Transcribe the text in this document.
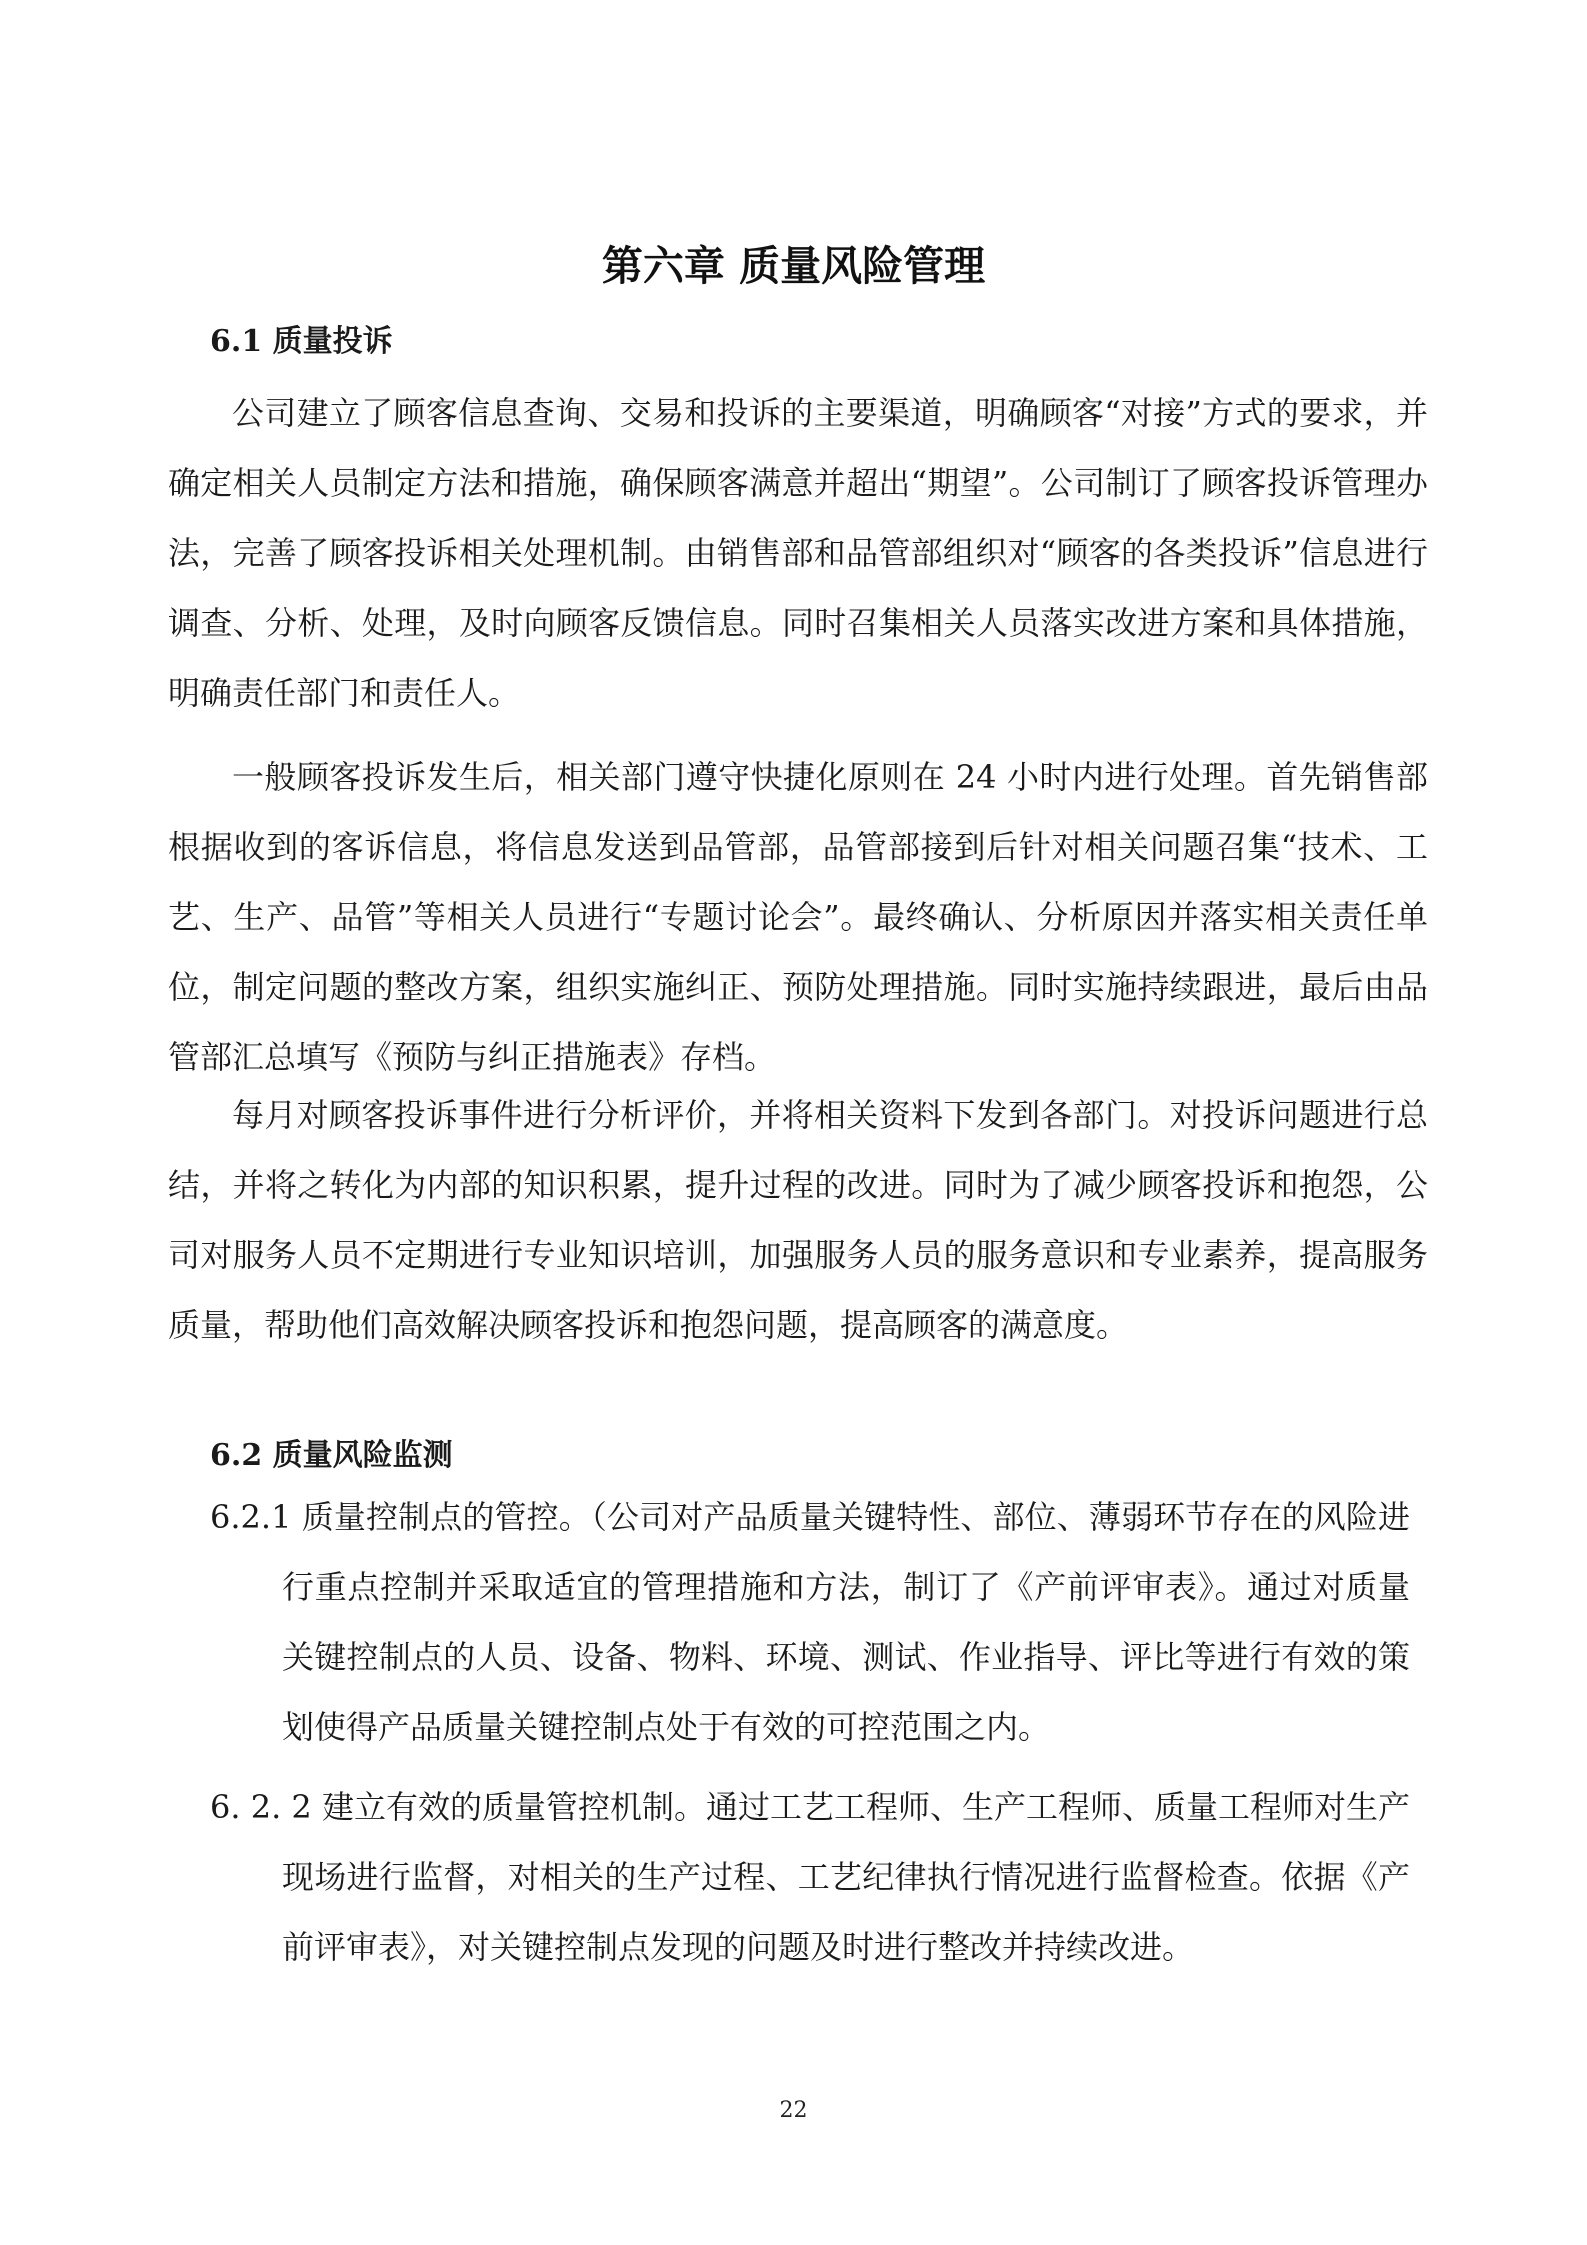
第六章 质量风险管理
6.1 质量投诉

公司建立了顾客信息查询、交易和投诉的主要渠道，明确顾客“对接”方式的要求，并确定相关人员制定方法和措施，确保顾客满意并超出“期望”。公司制订了顾客投诉管理办法，完善了顾客投诉相关处理机制。由销售部和品管部组织对“顾客的各类投诉”信息进行调查、分析、处理，及时向顾客反馈信息。同时召集相关人员落实改进方案和具体措施，明确责任部门和责任人。

一般顾客投诉发生后，相关部门遵守快捷化原则在 24 小时内进行处理。首先销售部根据收到的客诉信息，将信息发送到品管部，品管部接到后针对相关问题召集“技术、工艺、生产、品管”等相关人员进行“专题讨论会”。最终确认、分析原因并落实相关责任单位，制定问题的整改方案，组织实施纠正、预防处理措施。同时实施持续跟进，最后由品管部汇总填写《预防与纠正措施表》存档。

每月对顾客投诉事件进行分析评价，并将相关资料下发到各部门。对投诉问题进行总结，并将之转化为内部的知识积累，提升过程的改进。同时为了减少顾客投诉和抱怨，公司对服务人员不定期进行专业知识培训，加强服务人员的服务意识和专业素养，提高服务质量，帮助他们高效解决顾客投诉和抱怨问题，提高顾客的满意度。

6.2 质量风险监测
6.2.1 质量控制点的管控。（公司对产品质量关键特性、部位、薄弱环节存在的风险进行重点控制并采取适宜的管理措施和方法，制订了《产前评审表》。通过对质量关键控制点的人员、设备、物料、环境、测试、作业指导、评比等进行有效的策划使得产品质量关键控制点处于有效的可控范围之内。
6. 2. 2 建立有效的质量管控机制。通过工艺工程师、生产工程师、质量工程师对生产现场进行监督，对相关的生产过程、工艺纪律执行情况进行监督检查。依据《产前评审表》，对关键控制点发现的问题及时进行整改并持续改进。
22
